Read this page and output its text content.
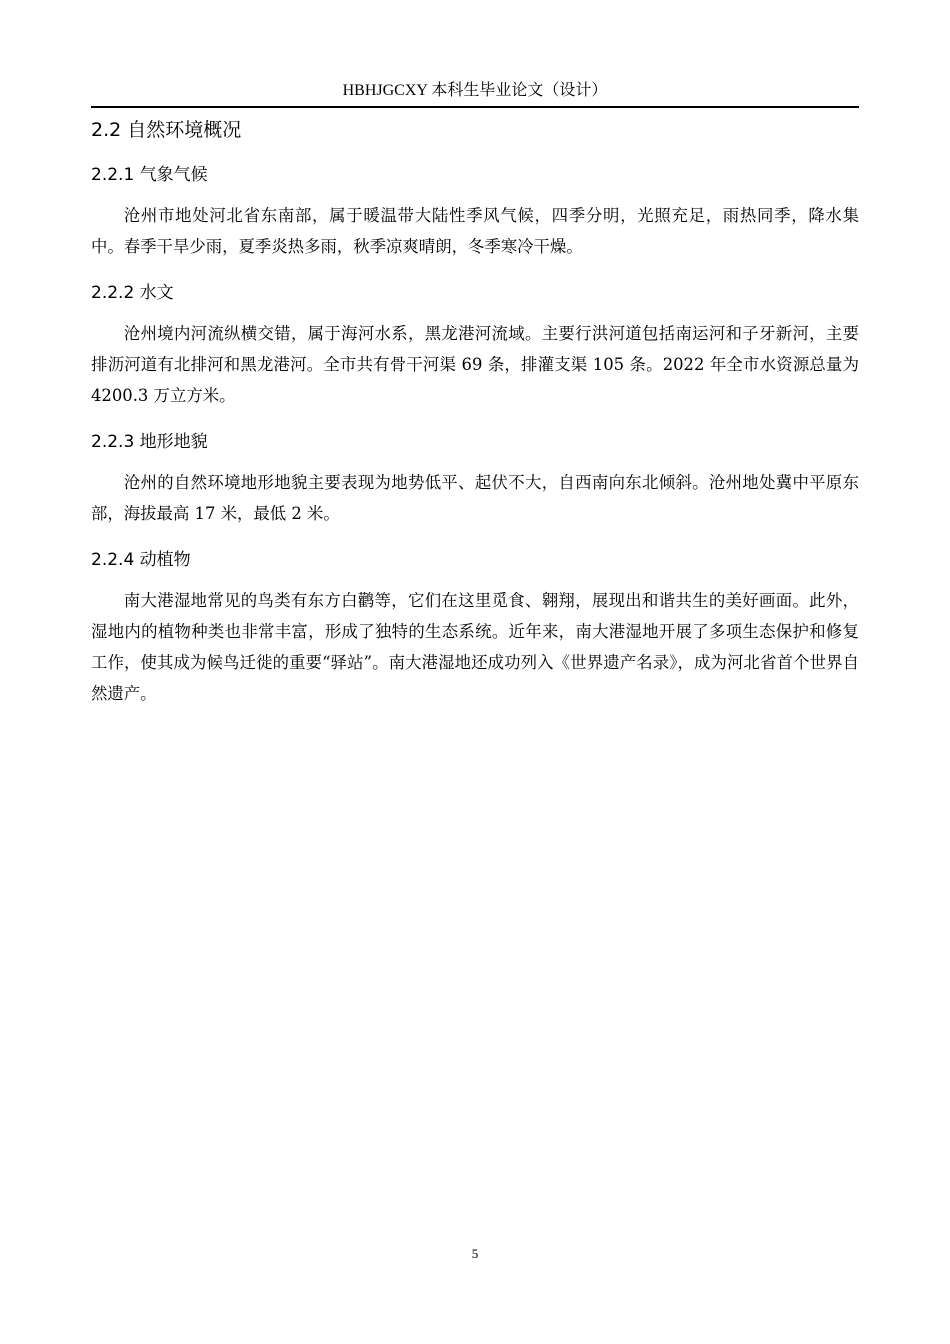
HBHJGCXY 本科生毕业论文（设计）
2.2 自然环境概况
2.2.1 气象气候

沧州市地处河北省东南部，属于暖温带大陆性季风气候，四季分明，光照充足，雨热同季，降水集中。春季干旱少雨，夏季炎热多雨，秋季凉爽晴朗，冬季寒冷干燥。

2.2.2 水文

沧州境内河流纵横交错，属于海河水系，黑龙港河流域。主要行洪河道包括南运河和子牙新河，主要排沥河道有北排河和黑龙港河。全市共有骨干河渠 69 条，排灌支渠 105 条。2022 年全市水资源总量为 4200.3 万立方米。

2.2.3 地形地貌

沧州的自然环境地形地貌主要表现为地势低平、起伏不大，自西南向东北倾斜。沧州地处冀中平原东部，海拔最高 17 米，最低 2 米。

2.2.4 动植物

南大港湿地常见的鸟类有东方白鹳等，它们在这里觅食、翱翔，展现出和谐共生的美好画面。此外，湿地内的植物种类也非常丰富，形成了独特的生态系统。近年来，南大港湿地开展了多项生态保护和修复工作，使其成为候鸟迁徙的重要“驿站”。南大港湿地还成功列入《世界遗产名录》，成为河北省首个世界自然遗产。

5
